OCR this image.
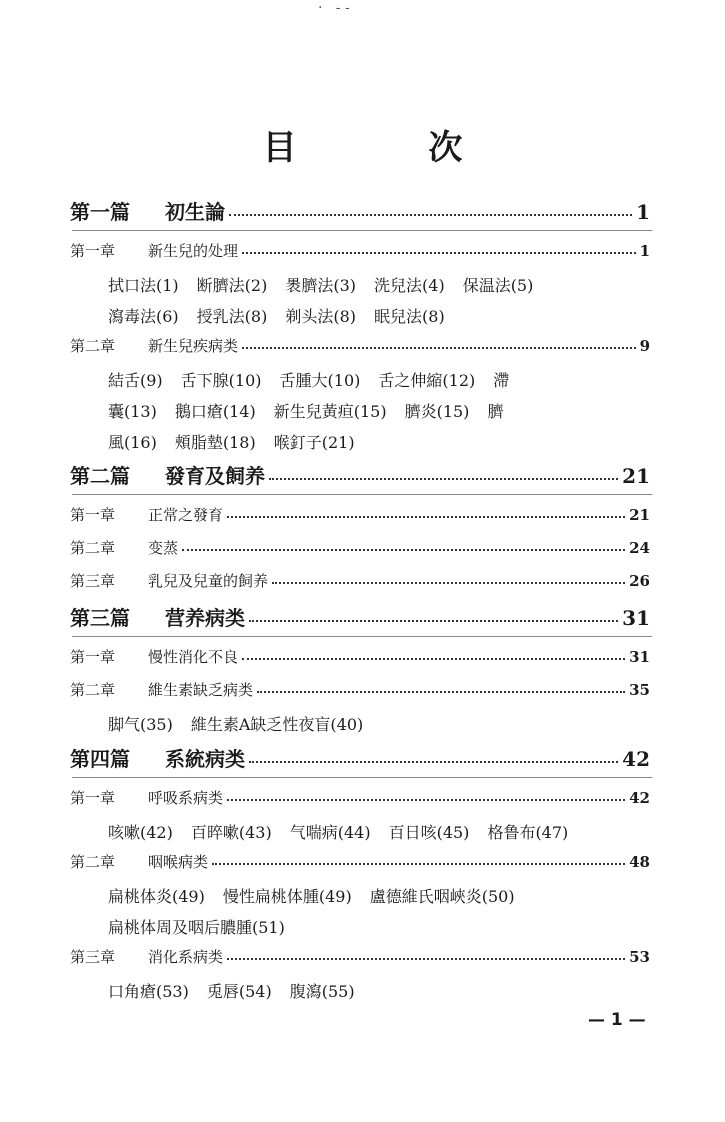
·   - -
目 次
第一篇	初生論	1
第一章	新生兒的处理	1
拭口法(1) 断臍法(2) 褁臍法(3) 洗兒法(4) 保温法(5)
瀉毒法(6) 授乳法(8) 剃头法(8) 眠兒法(8)
第二章	新生兒疾病类	9
結舌(9) 舌下腺(10) 舌腫大(10) 舌之伸縮(12) 滯
囊(13) 鵝口瘡(14) 新生兒黃疸(15) 臍炎(15) 臍
風(16) 頰脂墊(18) 喉釘子(21)
第二篇	發育及飼养	21
第一章	正常之發育	21
第二章	变蒸	24
第三章	乳兒及兒童的飼养	26
第三篇	营养病类	31
第一章	慢性消化不良	31
第二章	維生素缺乏病类	35
脚气(35) 維生素A缺乏性夜盲(40)
第四篇	系統病类	42
第一章	呼吸系病类	42
咳嗽(42) 百晬嗽(43) 气喘病(44) 百日咳(45) 格鲁布(47)
第二章	咽喉病类	48
扁桃体炎(49) 慢性扁桃体腫(49) 盧德維氏咽峽炎(50)
扁桃体周及咽后膿腫(51)
第三章	消化系病类	53
口角瘡(53) 兎唇(54) 腹瀉(55)
— 1 —
